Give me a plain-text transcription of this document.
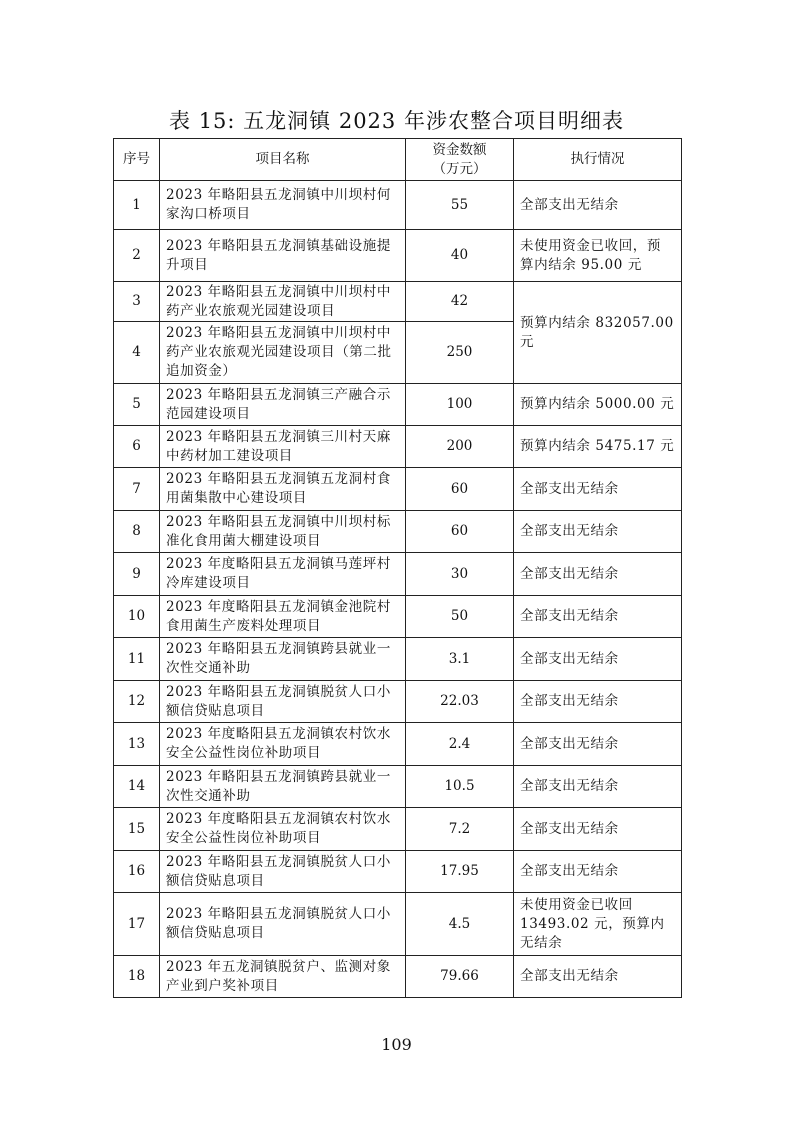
表 15: 五龙洞镇 2023 年涉农整合项目明细表
序号	项目名称	资金数额（万元）	执行情况
1	2023 年略阳县五龙洞镇中川坝村何家沟口桥项目	55	全部支出无结余
2	2023 年略阳县五龙洞镇基础设施提升项目	40	未使用资金已收回，预算内结余 95.00 元
3	2023 年略阳县五龙洞镇中川坝村中药产业农旅观光园建设项目	42	预算内结余 832057.00 元
4	2023 年略阳县五龙洞镇中川坝村中药产业农旅观光园建设项目（第二批追加资金）	250	
5	2023 年略阳县五龙洞镇三产融合示范园建设项目	100	预算内结余 5000.00 元
6	2023 年略阳县五龙洞镇三川村天麻中药材加工建设项目	200	预算内结余 5475.17 元
7	2023 年略阳县五龙洞镇五龙洞村食用菌集散中心建设项目	60	全部支出无结余
8	2023 年略阳县五龙洞镇中川坝村标准化食用菌大棚建设项目	60	全部支出无结余
9	2023 年度略阳县五龙洞镇马莲坪村冷库建设项目	30	全部支出无结余
10	2023 年度略阳县五龙洞镇金池院村食用菌生产废料处理项目	50	全部支出无结余
11	2023 年略阳县五龙洞镇跨县就业一次性交通补助	3.1	全部支出无结余
12	2023 年略阳县五龙洞镇脱贫人口小额信贷贴息项目	22.03	全部支出无结余
13	2023 年度略阳县五龙洞镇农村饮水安全公益性岗位补助项目	2.4	全部支出无结余
14	2023 年略阳县五龙洞镇跨县就业一次性交通补助	10.5	全部支出无结余
15	2023 年度略阳县五龙洞镇农村饮水安全公益性岗位补助项目	7.2	全部支出无结余
16	2023 年略阳县五龙洞镇脱贫人口小额信贷贴息项目	17.95	全部支出无结余
17	2023 年略阳县五龙洞镇脱贫人口小额信贷贴息项目	4.5	未使用资金已收回 13493.02 元，预算内无结余
18	2023 年五龙洞镇脱贫户、监测对象产业到户奖补项目	79.66	全部支出无结余
109
